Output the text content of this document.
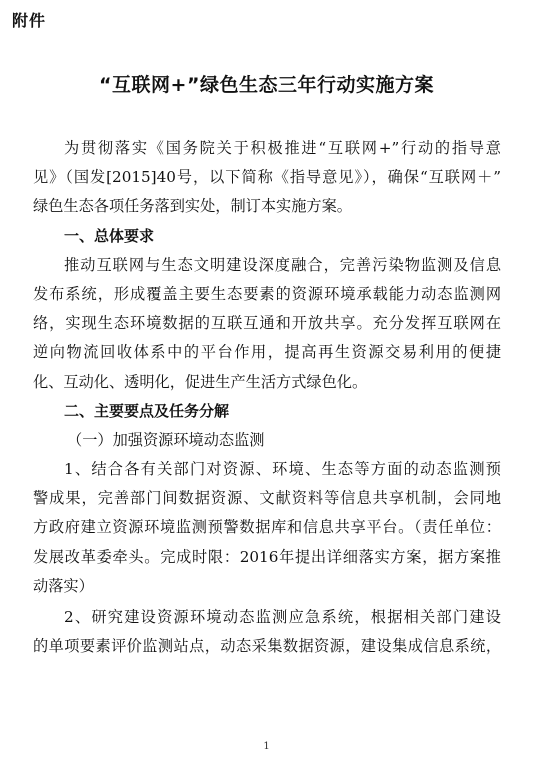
附件
“互联网+”绿色生态三年行动实施方案
为贯彻落实《国务院关于积极推进“互联网+”行动的指导意
见》（国发[2015]40号，以下简称《指导意见》），确保“互联网＋”
绿色生态各项任务落到实处，制订本实施方案。
一、总体要求
推动互联网与生态文明建设深度融合，完善污染物监测及信息
发布系统，形成覆盖主要生态要素的资源环境承载能力动态监测网
络，实现生态环境数据的互联互通和开放共享。充分发挥互联网在
逆向物流回收体系中的平台作用，提高再生资源交易利用的便捷
化、互动化、透明化，促进生产生活方式绿色化。
二、主要要点及任务分解
（一）加强资源环境动态监测
1、结合各有关部门对资源、环境、生态等方面的动态监测预
警成果，完善部门间数据资源、文献资料等信息共享机制，会同地
方政府建立资源环境监测预警数据库和信息共享平台。（责任单位：
发展改革委牵头。完成时限：2016年提出详细落实方案，据方案推
动落实）
2、研究建设资源环境动态监测应急系统，根据相关部门建设
的单项要素评价监测站点，动态采集数据资源，建设集成信息系统，
1
